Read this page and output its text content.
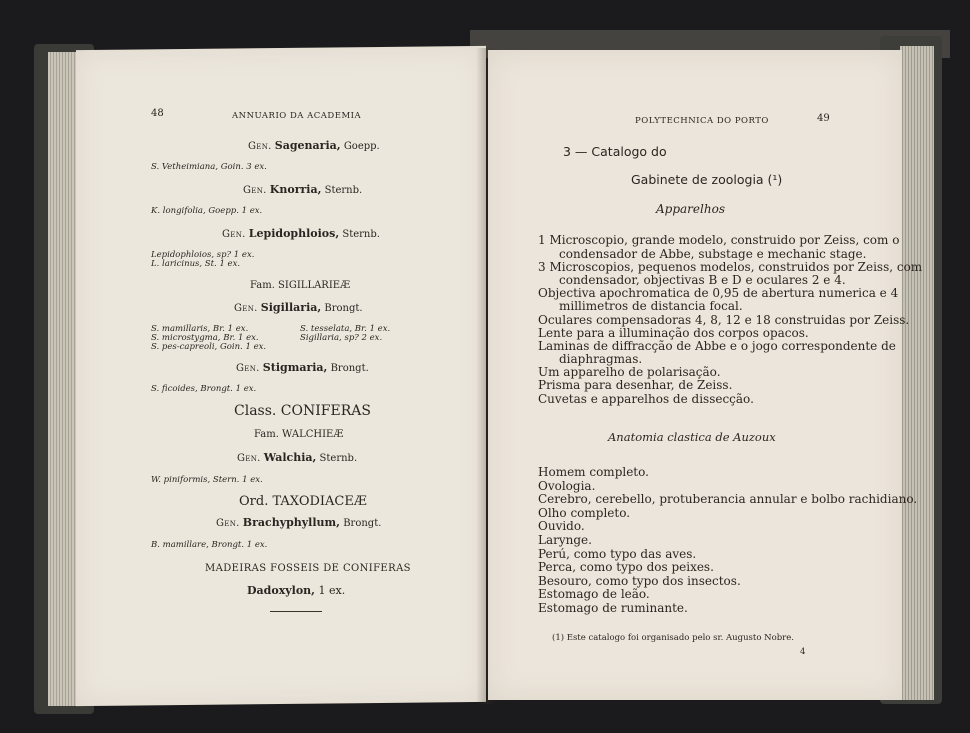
48	ANNUARIO DA ACADEMIA
Gen. Sagenaria, Goepp.
S. Vetheimiana, Goin. 3 ex.
Gen. Knorria, Sternb.
K. longifolia, Goepp. 1 ex.
Gen. Lepidophloios, Sternb.
Lepidophloios, sp? 1 ex.
L. laricinus, St. 1 ex.
Fam. SIGILLARIEÆ
Gen. Sigillaria, Brongt.
S. mamillaris, Br. 1 ex.	S. tesselata, Br. 1 ex.
S. microstygma, Br. 1 ex.	Sigillaria, sp? 2 ex.
S. pes-capreoli, Goin. 1 ex.
Gen. Stigmaria, Brongt.
S. ficoides, Brongt. 1 ex.
Class. CONIFERAS
Fam. WALCHIEÆ
Gen. Walchia, Sternb.
W. piniformis, Stern. 1 ex.
Ord. TAXODIACEÆ
Gen. Brachyphyllum, Brongt.
B. mamillare, Brongt. 1 ex.
MADEIRAS FOSSEIS DE CONIFERAS
Dadoxylon, 1 ex.
POLYTECHNICA DO PORTO	49
3 — Catalogo do
Gabinete de zoologia (¹)
Apparelhos
1 Microscopio, grande modelo, construido por Zeiss, com o
condensador de Abbe, substage e mechanic stage.
3 Microscopios, pequenos modelos, construidos por Zeiss, com
condensador, objectivas B e D e oculares 2 e 4.
Objectiva apochromatica de 0,95 de abertura numerica e 4
millimetros de distancia focal.
Oculares compensadoras 4, 8, 12 e 18 construidas por Zeiss.
Lente para a illuminação dos corpos opacos.
Laminas de diffracção de Abbe e o jogo correspondente de
diaphragmas.
Um apparelho de polarisação.
Prisma para desenhar, de Zeiss.
Cuvetas e apparelhos de dissecção.
Anatomia clastica de Auzoux
Homem completo.
Ovologia.
Cerebro, cerebello, protuberancia annular e bolbo rachidiano.
Olho completo.
Ouvido.
Larynge.
Perú, como typo das aves.
Perca, como typo dos peixes.
Besouro, como typo dos insectos.
Estomago de leão.
Estomago de ruminante.
(1) Este catalogo foi organisado pelo sr. Augusto Nobre.
4
